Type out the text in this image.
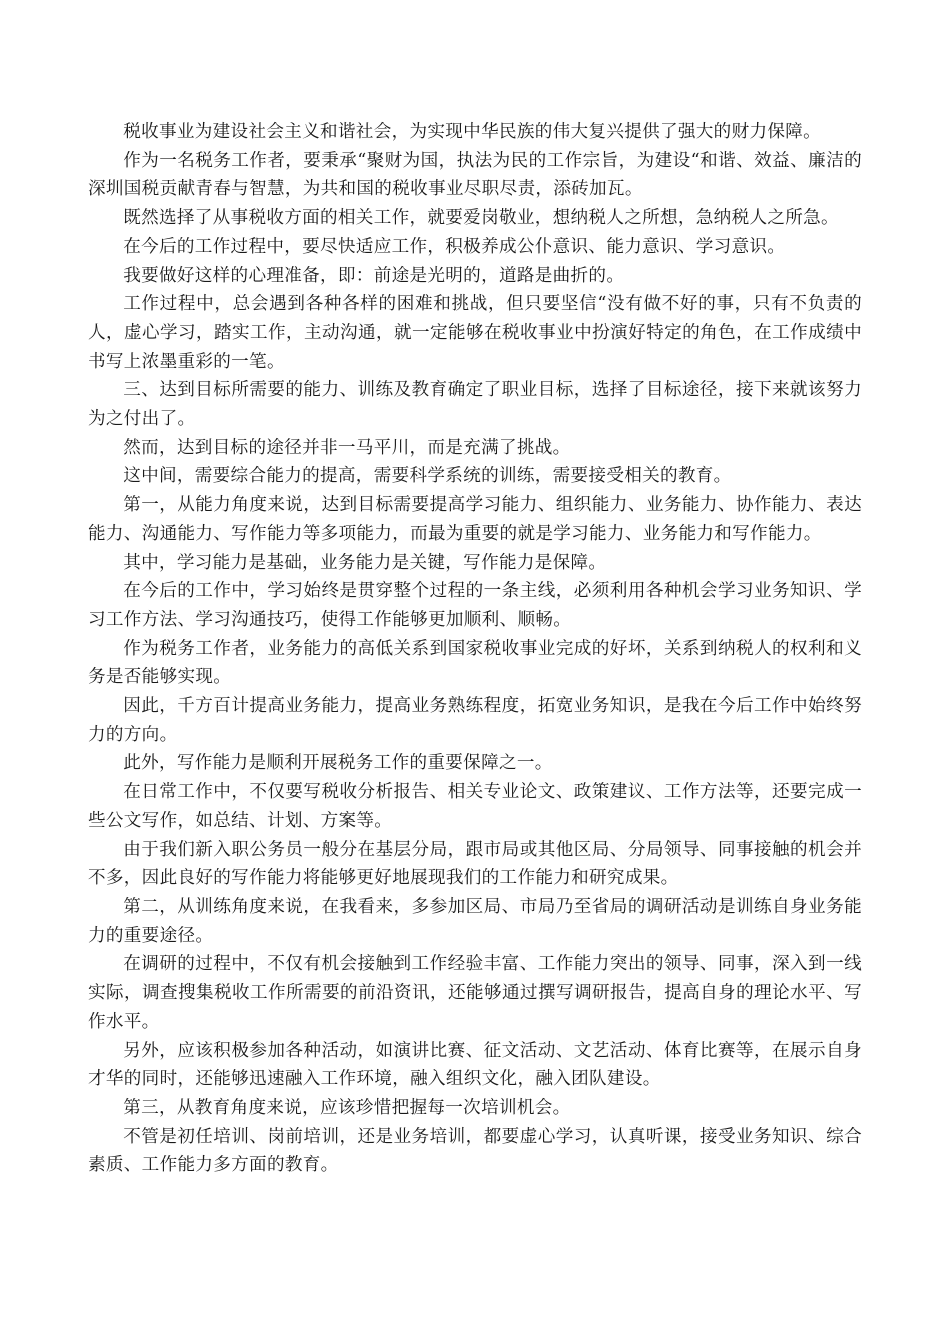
税收事业为建设社会主义和谐社会，为实现中华民族的伟大复兴提供了强大的财力保障。

作为一名税务工作者，要秉承“聚财为国，执法为民的工作宗旨，为建设“和谐、效益、廉洁的深圳国税贡献青春与智慧，为共和国的税收事业尽职尽责，添砖加瓦。

既然选择了从事税收方面的相关工作，就要爱岗敬业，想纳税人之所想，急纳税人之所急。

在今后的工作过程中，要尽快适应工作，积极养成公仆意识、能力意识、学习意识。

我要做好这样的心理准备，即：前途是光明的，道路是曲折的。

工作过程中，总会遇到各种各样的困难和挑战，但只要坚信“没有做不好的事，只有不负责的人，虚心学习，踏实工作，主动沟通，就一定能够在税收事业中扮演好特定的角色，在工作成绩中书写上浓墨重彩的一笔。

三、达到目标所需要的能力、训练及教育确定了职业目标，选择了目标途径，接下来就该努力为之付出了。

然而，达到目标的途径并非一马平川，而是充满了挑战。

这中间，需要综合能力的提高，需要科学系统的训练，需要接受相关的教育。

第一，从能力角度来说，达到目标需要提高学习能力、组织能力、业务能力、协作能力、表达能力、沟通能力、写作能力等多项能力，而最为重要的就是学习能力、业务能力和写作能力。

其中，学习能力是基础，业务能力是关键，写作能力是保障。

在今后的工作中，学习始终是贯穿整个过程的一条主线，必须利用各种机会学习业务知识、学习工作方法、学习沟通技巧，使得工作能够更加顺利、顺畅。

作为税务工作者，业务能力的高低关系到国家税收事业完成的好坏，关系到纳税人的权利和义务是否能够实现。

因此，千方百计提高业务能力，提高业务熟练程度，拓宽业务知识，是我在今后工作中始终努力的方向。

此外，写作能力是顺利开展税务工作的重要保障之一。

在日常工作中，不仅要写税收分析报告、相关专业论文、政策建议、工作方法等，还要完成一些公文写作，如总结、计划、方案等。

由于我们新入职公务员一般分在基层分局，跟市局或其他区局、分局领导、同事接触的机会并不多，因此良好的写作能力将能够更好地展现我们的工作能力和研究成果。

第二，从训练角度来说，在我看来，多参加区局、市局乃至省局的调研活动是训练自身业务能力的重要途径。

在调研的过程中，不仅有机会接触到工作经验丰富、工作能力突出的领导、同事，深入到一线实际，调查搜集税收工作所需要的前沿资讯，还能够通过撰写调研报告，提高自身的理论水平、写作水平。

另外，应该积极参加各种活动，如演讲比赛、征文活动、文艺活动、体育比赛等，在展示自身才华的同时，还能够迅速融入工作环境，融入组织文化，融入团队建设。

第三，从教育角度来说，应该珍惜把握每一次培训机会。

不管是初任培训、岗前培训，还是业务培训，都要虚心学习，认真听课，接受业务知识、综合素质、工作能力多方面的教育。
